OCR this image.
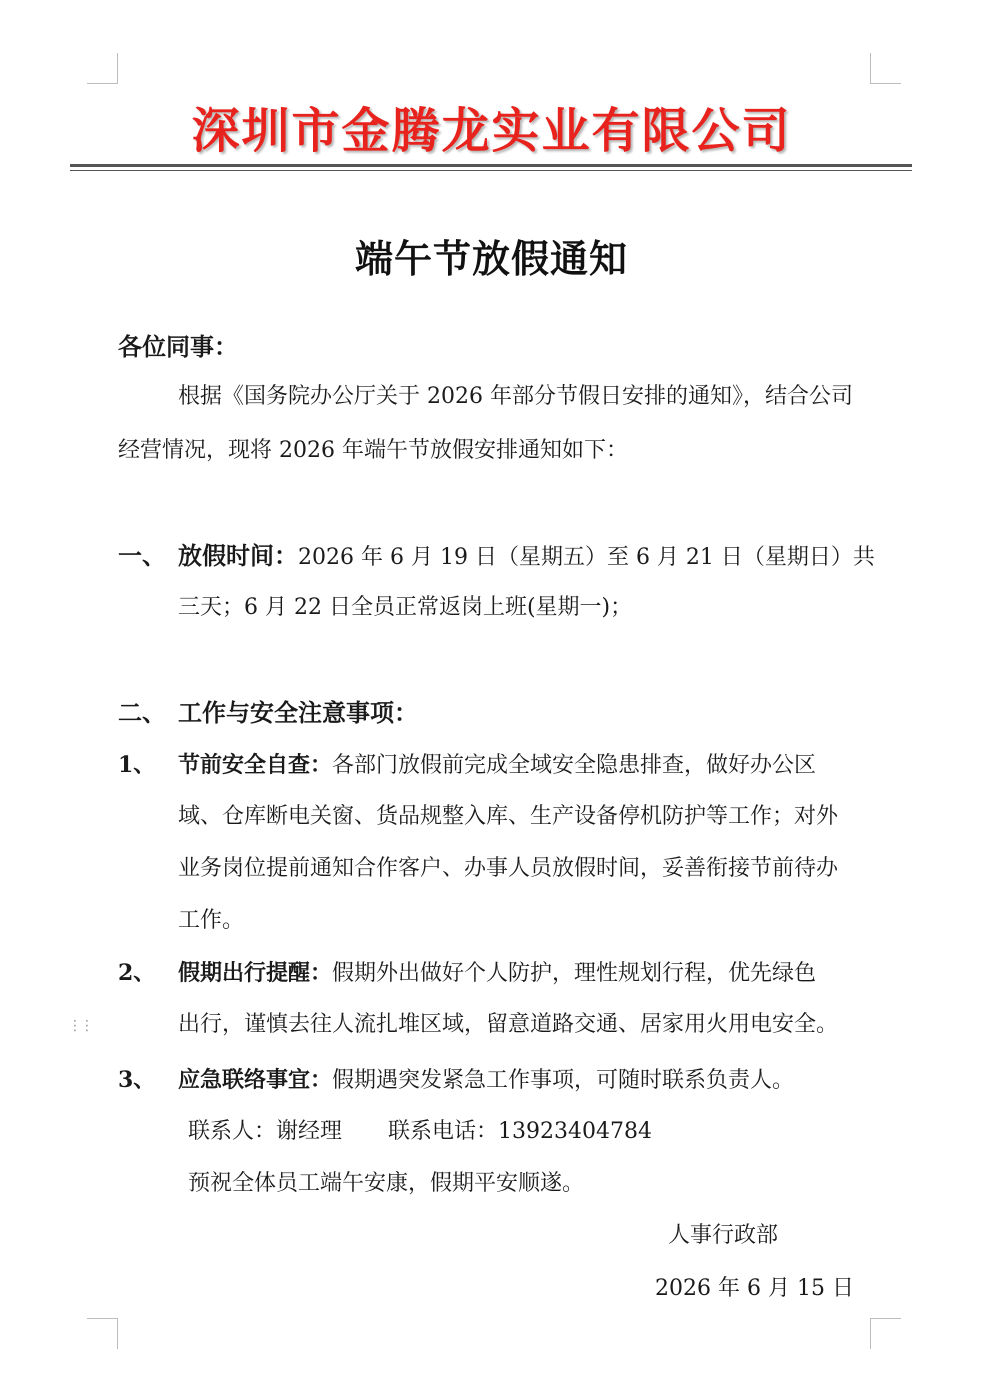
深圳市金腾龙实业有限公司
端午节放假通知
各位同事：
根据《国务院办公厅关于 2026 年部分节假日安排的通知》，结合公司
经营情况，现将 2026 年端午节放假安排通知如下：
一、 放假时间：2026 年 6 月 19 日（星期五）至 6 月 21 日（星期日）共
三天；6 月 22 日全员正常返岗上班(星期一)；
二、 工作与安全注意事项：
1、 节前安全自查：各部门放假前完成全域安全隐患排查，做好办公区
域、仓库断电关窗、货品规整入库、生产设备停机防护等工作；对外
业务岗位提前通知合作客户、办事人员放假时间，妥善衔接节前待办
工作。
2、 假期出行提醒：假期外出做好个人防护，理性规划行程，优先绿色
出行，谨慎去往人流扎堆区域，留意道路交通、居家用火用电安全。
⋮⋮
3、 应急联络事宜：假期遇突发紧急工作事项，可随时联系负责人。
联系人：谢经理 联系电话：13923404784
预祝全体员工端午安康，假期平安顺遂。
人事行政部
2026 年 6 月 15 日
